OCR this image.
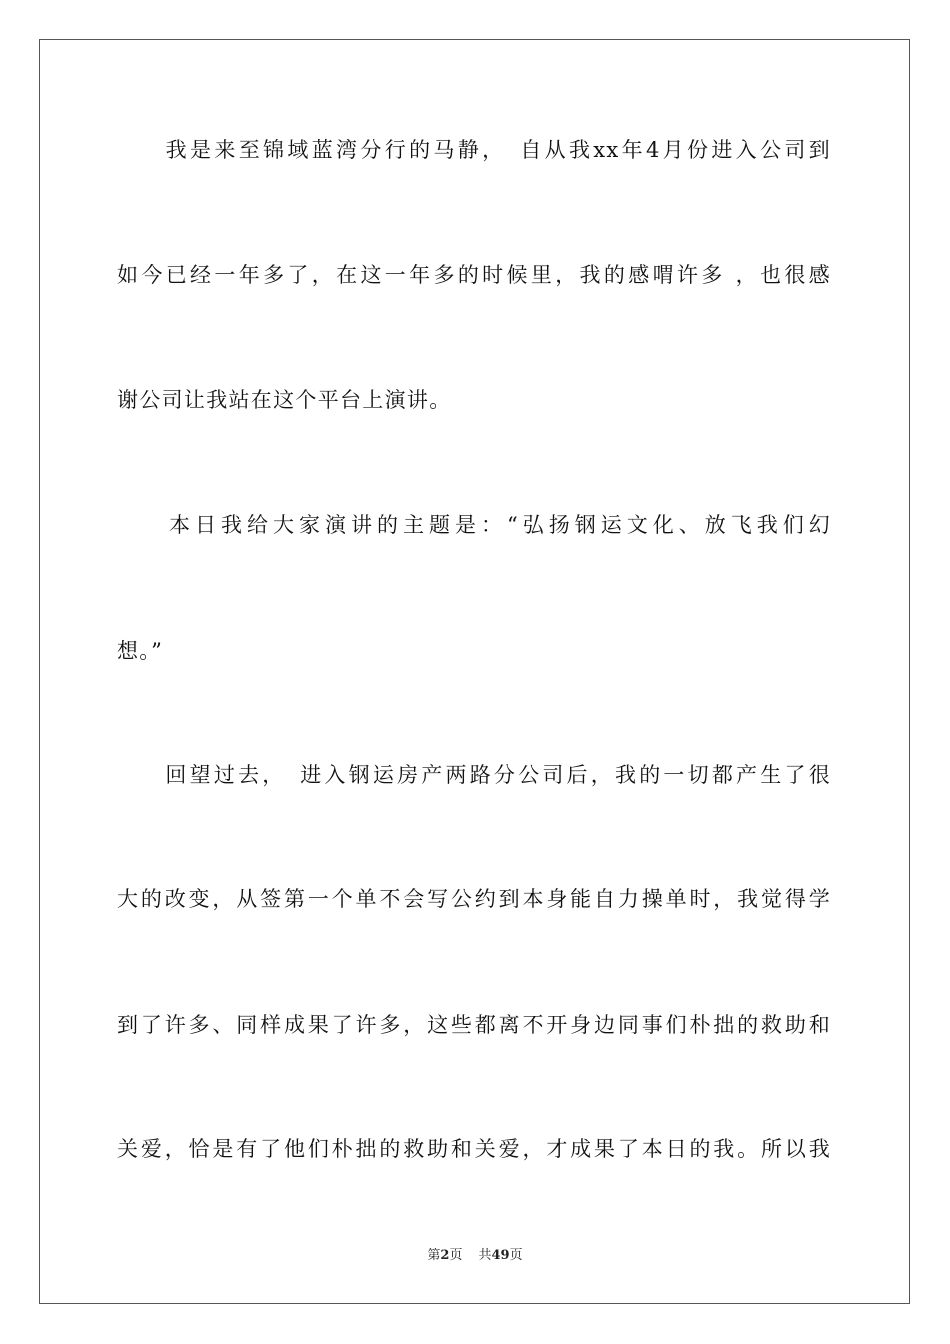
　　我是来至锦域蓝湾分行的马静，　自从我xx年4月份进入公司到
如今已经一年多了，在这一年多的时候里，我的感喟许多 ，也很感
谢公司让我站在这个平台上演讲。
　　本日我给大家演讲的主题是：“弘扬钢运文化、放飞我们幻
想。”
　　回望过去，　进入钢运房产两路分公司后，我的一切都产生了很
大的改变，从签第一个单不会写公约到本身能自力操单时，我觉得学
到了许多、同样成果了许多，这些都离不开身边同事们朴拙的救助和
关爱，恰是有了他们朴拙的救助和关爱，才成果了本日的我。所以我
第2页 共49页
